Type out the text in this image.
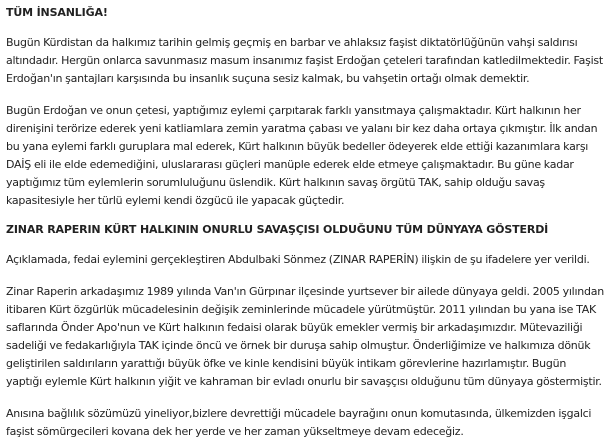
TÜM İNSANLIĞA!

Bugün Kürdistan da halkımız tarihin gelmiş geçmiş en barbar ve ahlaksız faşist diktatörlüğünün vahşi saldırısı altındadır. Hergün onlarca savunmasız masum insanımız faşist Erdoğan çeteleri tarafından katledilmektedir. Faşist Erdoğan'ın şantajları karşısında bu insanlık suçuna sesiz kalmak, bu vahşetin ortağı olmak demektir.

Bugün Erdoğan ve onun çetesi, yaptığımız eylemi çarpıtarak farklı yansıtmaya çalışmaktadır. Kürt halkının her direnişini terörize ederek yeni katliamlara zemin yaratma çabası ve yalanı bir kez daha ortaya çıkmıştır. İlk andan bu yana eylemi farklı guruplara mal ederek, Kürt halkının büyük bedeller ödeyerek elde ettiği kazanımlara karşı DAİŞ eli ile elde edemediğini, uluslararası güçleri manüple ederek elde etmeye çalışmaktadır. Bu güne kadar yaptığımız tüm eylemlerin sorumluluğunu üslendik. Kürt halkının savaş örgütü TAK, sahip olduğu savaş kapasitesiyle her türlü eylemi kendi özgücü ile yapacak güçtedir.

ZINAR RAPERIN KÜRT HALKININ ONURLU SAVAŞÇISI OLDUĞUNU TÜM DÜNYAYA GÖSTERDİ

Açıklamada, fedai eylemini gerçekleştiren Abdulbaki Sönmez (ZINAR RAPERİN) ilişkin de şu ifadelere yer verildi.

Zinar Raperin arkadaşımız 1989 yılında Van'ın Gürpınar ilçesinde yurtsever bir ailede dünyaya geldi. 2005 yılından itibaren Kürt özgürlük mücadelesinin değişik zeminlerinde mücadele yürütmüştür. 2011 yılından bu yana ise TAK saflarında Önder Apo'nun ve Kürt halkının fedaisi olarak büyük emekler vermiş bir arkadaşımızdır. Mütevaziliği sadeliği ve fedakarlığıyla TAK içinde öncü ve örnek bir duruşa sahip olmuştur. Önderliğimize ve halkımıza dönük geliştirilen saldırıların yarattığı büyük öfke ve kinle kendisini büyük intikam görevlerine hazırlamıştır. Bugün yaptığı eylemle Kürt halkının yiğit ve kahraman bir evladı onurlu bir savaşçısı olduğunu tüm dünyaya göstermiştir.

Anısına bağlılık sözümüzü yineliyor,bizlere devrettiği mücadele bayrağını onun komutasında, ülkemizden işgalci faşist sömürgecileri kovana dek her yerde ve her zaman yükseltmeye devam edeceğiz.
